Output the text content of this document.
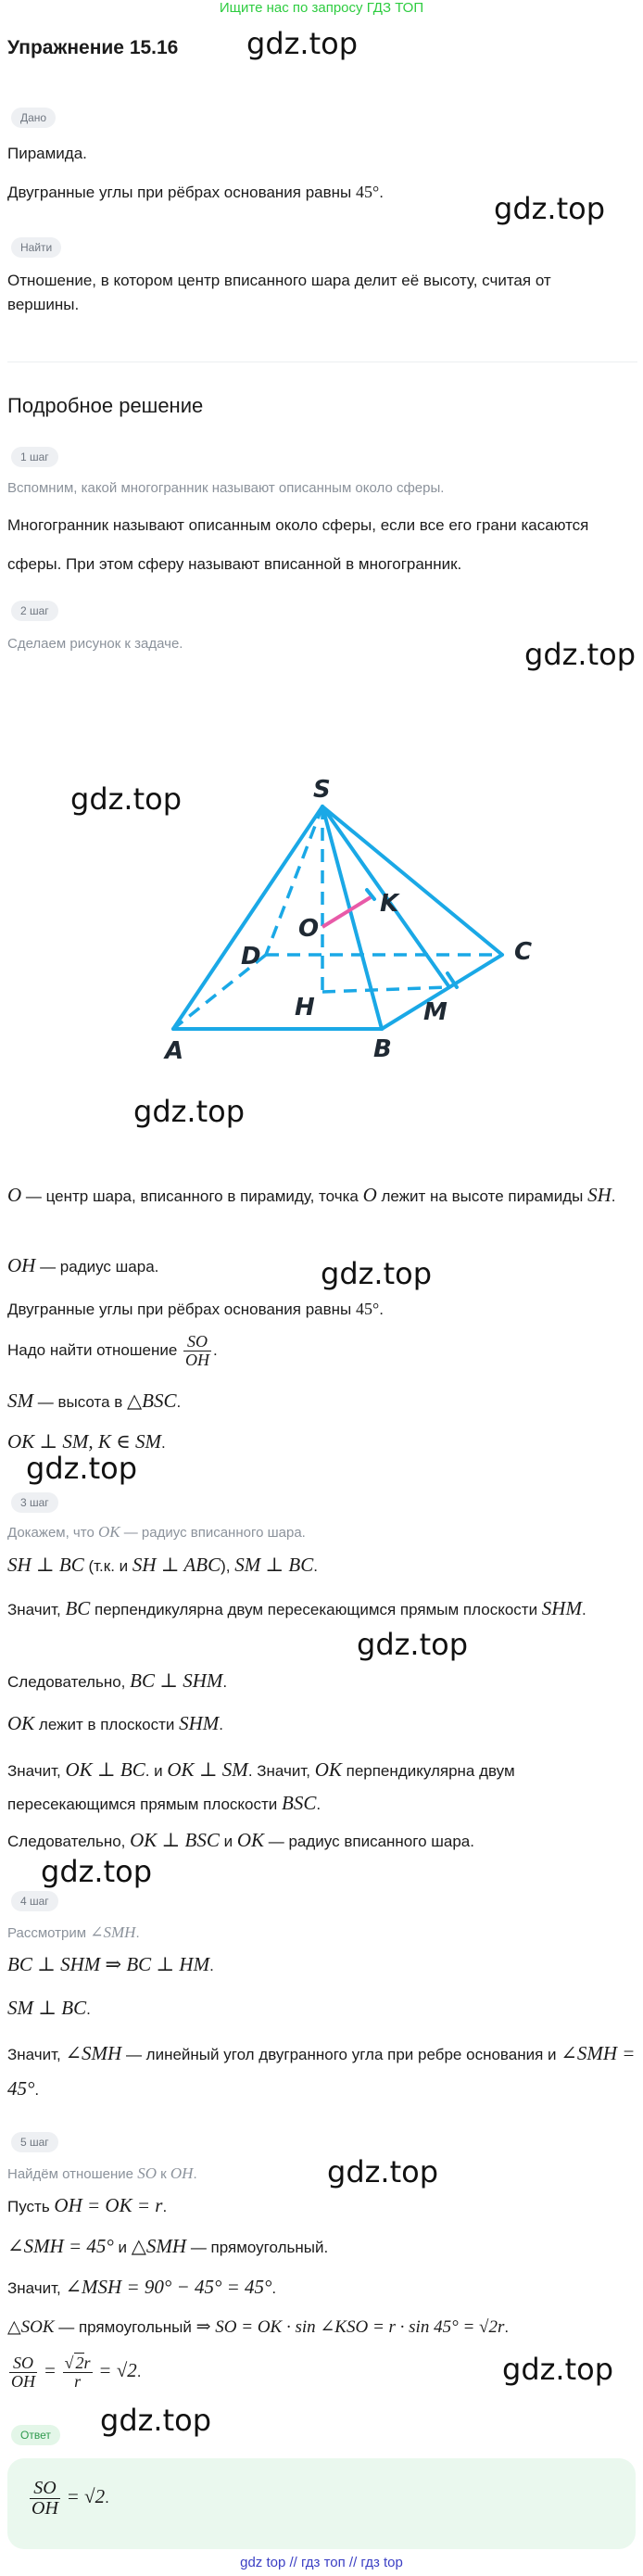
Ищите нас по запросу ГДЗ ТОП
Упражнение 15.16 gdz.top
gdz.top
gdz.top
gdz.top
gdz.top
gdz.top
gdz.top
gdz.top
gdz.top
gdz.top
gdz.top
gdz.top
Дано
Пирамида.
Двугранные углы при рёбрах основания равны 45°.
Найти
Отношение, в котором центр вписанного шара делит её высоту, считая от вершины.
Подробное решение
1 шаг
Вспомним, какой многогранник называют описанным около сферы.
Многогранник называют описанным около сферы, если все его грани касаются сферы. При этом сферу называют вписанной в многогранник.
2 шаг
Сделаем рисунок к задаче.
S
O
K
D	C
H	M
A	B
O — центр шара, вписанного в пирамиду, точка O лежит на высоте пирамиды SH.
OH — радиус шара.
Двугранные углы при рёбрах основания равны 45°.
Надо найти отношение $\frac{SO}{OH}$ .
SM — высота в △BSC.
OK ⊥ SM, K ∈ SM.
3 шаг
Докажем, что OK — радиус вписанного шара.
SH ⊥ BC (т.к. и SH ⊥ ABC), SM ⊥ BC.
Значит, BC перпендикулярна двум пересекающимся прямым плоскости SHM.
Следовательно, BC ⊥ SHM.
OK лежит в плоскости SHM.
Значит, OK ⊥ BC. и OK ⊥ SM. Значит, OK перпендикулярна двум пересекающимся прямым плоскости BSC.
Следовательно, OK ⊥ BSC и OK — радиус вписанного шара.
4 шаг
Рассмотрим ∠SMH.
BC ⊥ SHM ⇒ BC ⊥ HM.
SM ⊥ BC.
Значит, ∠SMH — линейный угол двугранного угла при ребре основания и ∠SMH = 45°.
5 шаг
Найдём отношение SO к OH.
Пусть OH = OK = r.
∠SMH = 45° и △SMH — прямоугольный.
Значит, ∠MSH = 90° − 45° = 45°.
△SOK — прямоугольный ⇒ SO = OK · sin ∠KSO = r · sin 45° = √2r.
$\frac{SO}{OH} = \frac{√ 2r}{r} = √2$.
Ответ
$\frac{SO}{OH} = √2$.
gdz top // гдз топ // гдз top
